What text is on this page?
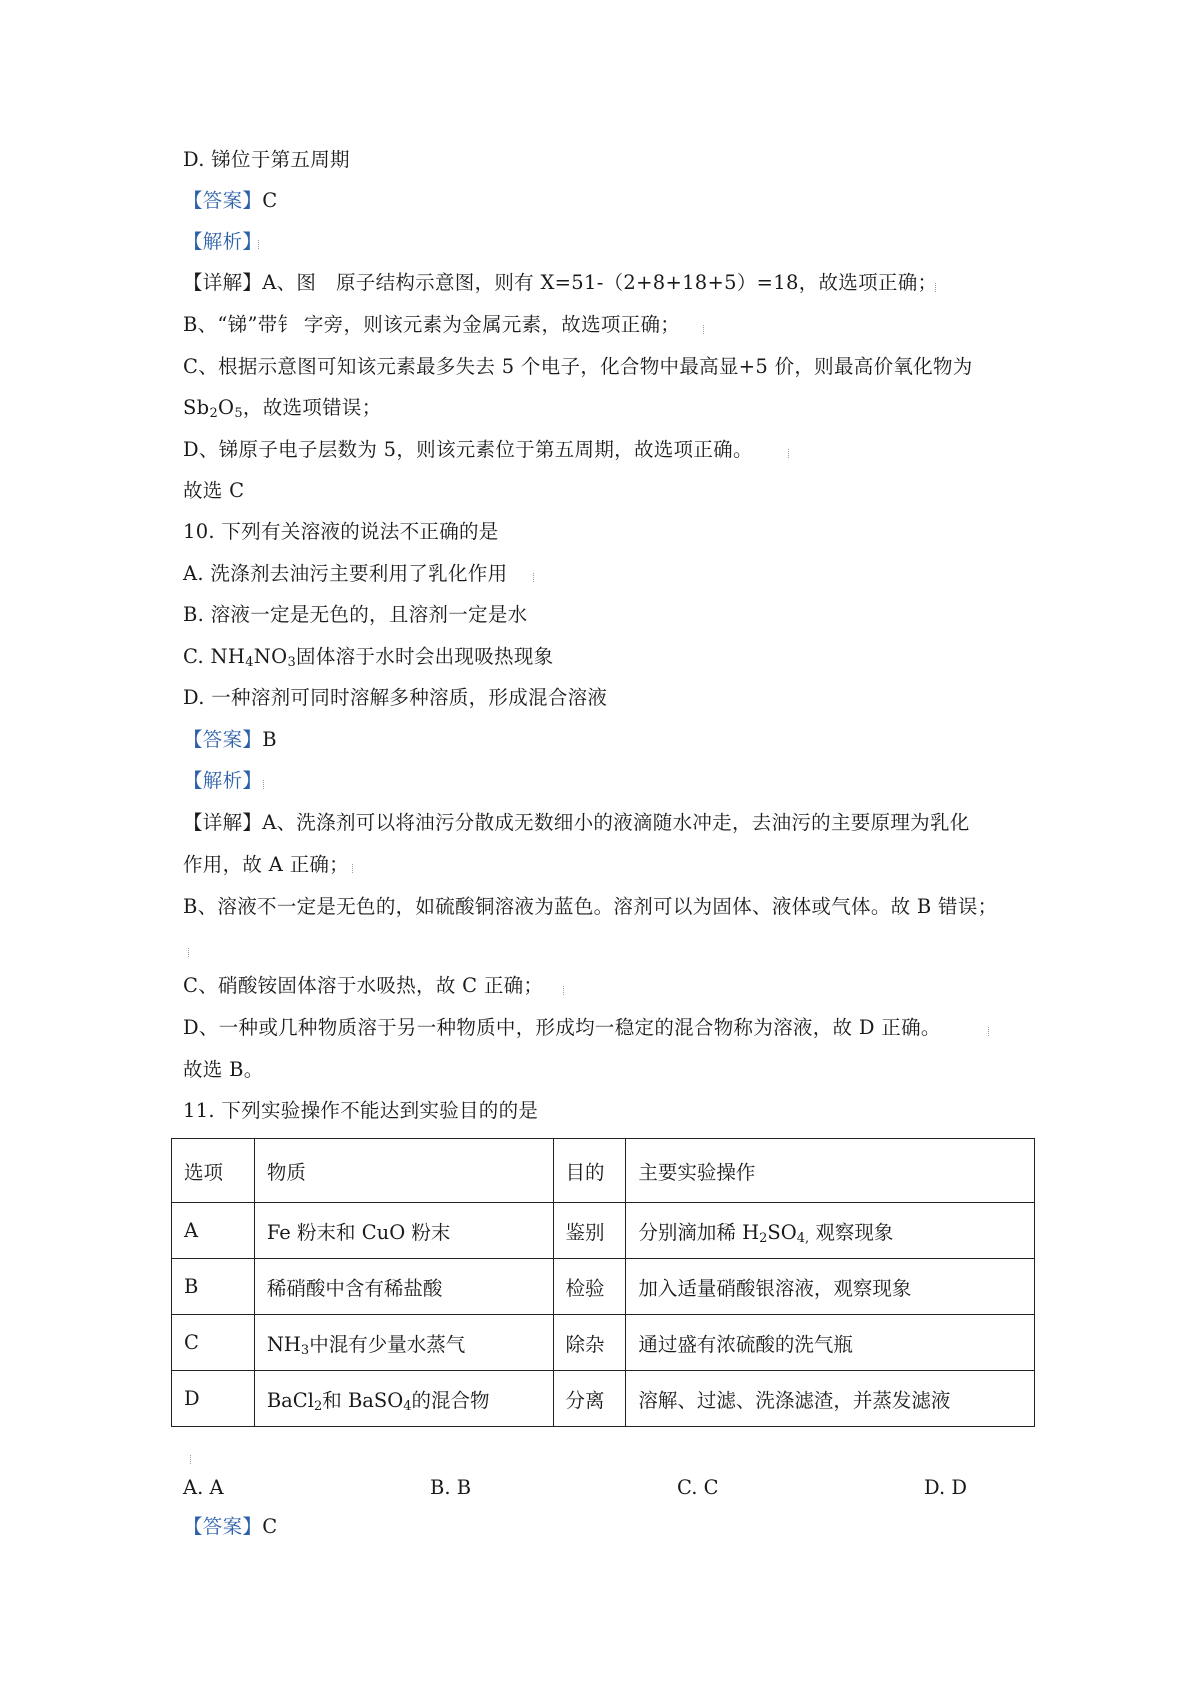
D. 锑位于第五周期
【答案】C
【解析】
【详解】A、图　原子结构示意图，则有 X=51-（2+8+18+5）=18，故选项正确；
B、“锑”带钅 字旁，则该元素为金属元素，故选项正确；
C、根据示意图可知该元素最多失去 5 个电子，化合物中最高显+5 价，则最高价氧化物为
$Sb_2O_5$，故选项错误；
D、锑原子电子层数为 5，则该元素位于第五周期，故选项正确。
故选 C
10. 下列有关溶液的说法不正确的是
A. 洗涤剂去油污主要利用了乳化作用
B. 溶液一定是无色的，且溶剂一定是水
C. $NH_4NO_3$固体溶于水时会出现吸热现象
D. 一种溶剂可同时溶解多种溶质，形成混合溶液
【答案】B
【解析】
【详解】A、洗涤剂可以将油污分散成无数细小的液滴随水冲走，去油污的主要原理为乳化
作用，故 A 正确；
B、溶液不一定是无色的，如硫酸铜溶液为蓝色。溶剂可以为固体、液体或气体。故 B 错误；
C、硝酸铵固体溶于水吸热，故 C 正确；
D、一种或几种物质溶于另一种物质中，形成均一稳定的混合物称为溶液，故 D 正确。
故选 B。
11. 下列实验操作不能达到实验目的的是
选项	物质	目的	主要实验操作
A	Fe 粉末和 CuO 粉末	鉴别	分别滴加稀 $H_2SO_{4,}$ 观察现象
B	稀硝酸中含有稀盐酸	检验	加入适量硝酸银溶液，观察现象
C	$NH_3$中混有少量水蒸气	除杂	通过盛有浓硫酸的洗气瓶
D	BaCl$_2$和 BaSO$_4$的混合物	分离	溶解、过滤、洗涤滤渣，并蒸发滤液
A. A	B. B	C. C	D. D
【答案】C
